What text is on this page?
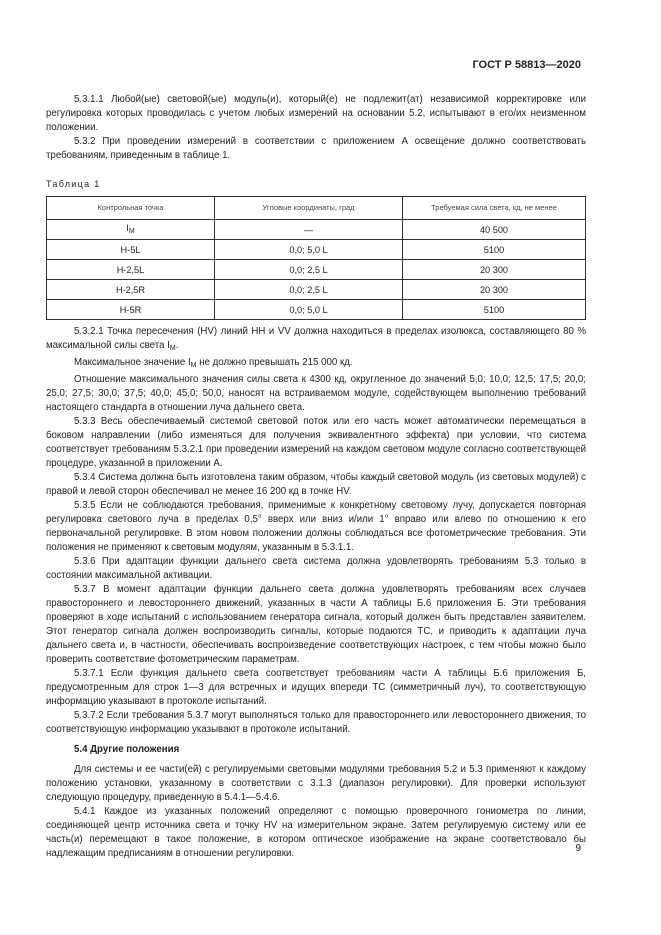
ГОСТ Р 58813—2020

5.3.1.1 Любой(ые) световой(ые) модуль(и), который(е) не подлежит(ат) независимой корректировке или регулировка которых проводилась с учетом любых измерений на основании 5.2, испытывают в его/их неизменном положении.

5.3.2 При проведении измерений в соответствии с приложением А освещение должно соответствовать требованиям, приведенным в таблице 1.

Таблица 1
Контрольная точка	Угловые координаты, град	Требуемая сила света, кд, не менее
$I_M$	—	40 500
H-5L	0,0; 5,0 L	5100
H-2,5L	0,0; 2,5 L	20 300
H-2,5R	0,0; 2,5 L	20 300
H-5R	0,0; 5,0 L	5100

5.3.2.1 Точка пересечения (HV) линий HH и VV должна находиться в пределах изолюкса, составляющего 80 % максимальной силы света $I_M$.

Максимальное значение $I_M$ не должно превышать 215 000 кд.

Отношение максимального значения силы света к 4300 кд, округленное до значений 5,0; 10,0; 12,5; 17,5; 20,0; 25,0; 27,5; 30,0; 37,5; 40,0; 45,0; 50,0, наносят на встраиваемом модуле, содействующем выполнению требований настоящего стандарта в отношении луча дальнего света.

5.3.3 Весь обеспечиваемый системой световой поток или его часть может автоматически перемещаться в боковом направлении (либо изменяться для получения эквивалентного эффекта) при условии, что система соответствует требованиям 5.3.2.1 при проведении измерений на каждом световом модуле согласно соответствующей процедуре, указанной в приложении А.

5.3.4 Система должна быть изготовлена таким образом, чтобы каждый световой модуль (из световых модулей) с правой и левой сторон обеспечивал не менее 16 200 кд в точке HV.

5.3.5 Если не соблюдаются требования, применимые к конкретному световому лучу, допускается повторная регулировка светового луча в пределах 0,5° вверх или вниз и/или 1° вправо или влево по отношению к его первоначальной регулировке. В этом новом положении должны соблюдаться все фотометрические требования. Эти положения не применяют к световым модулям, указанным в 5.3.1.1.

5.3.6 При адаптации функции дальнего света система должна удовлетворять требованиям 5.3 только в состоянии максимальной активации.

5.3.7 В момент адаптации функции дальнего света должна удовлетворять требованиям всех случаев правостороннего и левостороннего движений, указанных в части А таблицы Б.6 приложения Б. Эти требования проверяют в ходе испытаний с использованием генератора сигнала, который должен быть представлен заявителем. Этот генератор сигнала должен воспроизводить сигналы, которые подаются ТС, и приводить к адаптации луча дальнего света и, в частности, обеспечивать воспроизведение соответствующих настроек, с тем чтобы можно было проверить соответствие фотометрическим параметрам.

5.3.7.1 Если функция дальнего света соответствует требованиям части А таблицы Б.6 приложения Б, предусмотренным для строк 1—3 для встречных и идущих впереди ТС (симметричный луч), то соответствующую информацию указывают в протоколе испытаний.

5.3.7.2 Если требования 5.3.7 могут выполняться только для правостороннего или левостороннего движения, то соответствующую информацию указывают в протоколе испытаний.

5.4 Другие положения

Для системы и ее части(ей) с регулируемыми световыми модулями требования 5.2 и 5.3 применяют к каждому положению установки, указанному в соответствии с 3.1.3 (диапазон регулировки). Для проверки используют следующую процедуру, приведенную в 5.4.1—5.4.6.

5.4.1 Каждое из указанных положений определяют с помощью проверочного гониометра по линии, соединяющей центр источника света и точку HV на измерительном экране. Затем регулируемую систему или ее часть(и) перемещают в такое положение, в котором оптическое изображение на экране соответствовало бы надлежащим предписаниям в отношении регулировки.	9
